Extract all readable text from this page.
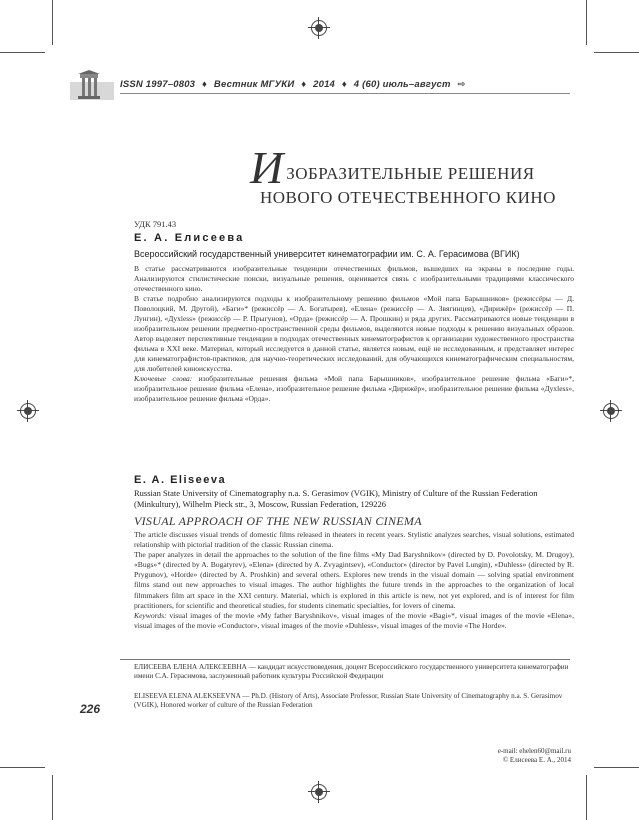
ISSN 1997–0803 ♦ Вестник МГУКИ ♦ 2014 ♦ 4 (60) июль–август ⇨
И ЗОБРАЗИТЕЛЬНЫЕ РЕШЕНИЯ
НОВОГО ОТЕЧЕСТВЕННОГО КИНО
УДК 791.43
Е. А. Елисеева
Всероссийский государственный университет кинематографии им. С. А. Герасимова (ВГИК)

В статье рассматриваются изобразительные тенденции отечественных фильмов, вышедших на экраны в последние годы. Анализируются стилистические поиски, визуальные решения, оценивается связь с изобразительными традициями классического отечественного кино.

В статье подробно анализируются подходы к изобразительному решению фильмов «Мой папа Барышников» (режиссёры — Д. Поволоцкий, М. Другой), «Баги»* (режиссёр — А. Богатырев), «Елена» (режиссёр — А. Звягинцев), «Дирижёр» (режиссёр — П. Лунгин), «Духless» (режиссёр — Р. Прыгунов), «Орда» (режиссёр — А. Прошкин) и ряда других. Рассматриваются новые тенденции в изобразительном решении предметно-пространственной среды фильмов, выделяются новые подходы к решению визуальных образов. Автор выделяет перспективные тенденции в подходах отечественных кинематографистов к организации художественного пространства фильма в XXI веке. Материал, который исследуется в данной статье, является новым, ещё не исследованным, и представляет интерес для кинематографистов-практиков, для научно-теоретических исследований, для обучающихся кинематографическим специальностям, для любителей киноискусства.

Ключевые слова: изобразительные решения фильма «Мой папа Барышников», изобразительное решение фильма «Баги»*, изобразительное решение фильма «Елена», изобразительное решение фильма «Дирижёр», изобразительное решение фильма «Духless», изобразительное решение фильма «Орда».

E. A. Eliseeva
Russian State University of Cinematography n.a. S. Gerasimov (VGIK), Ministry of Culture of the Russian Federation (Minkultury), Wilhelm Pieck str., 3, Moscow, Russian Federation, 129226
VISUAL APPROACH OF THE NEW RUSSIAN CINEMA

The article discusses visual trends of domestic films released in theaters in recent years. Stylistic analyzes searches, visual solutions, estimated relationship with pictorial tradition of the classic Russian cinema.

The paper analyzes in detail the approaches to the solution of the fine films «My Dad Baryshnikov» (directed by D. Povolotsky, M. Drugoy), «Bugs»* (directed by A. Bogatyrev), «Elena» (directed by A. Zvyagintsev), «Conductor» (director by Pavel Lungin), «Duhless» (directed by R. Prygunov), «Horde» (directed by A. Proshkin) and several others. Explores new trends in the visual domain — solving spatial environment films stand out new approaches to visual images. The author highlights the future trends in the approaches to the organization of local filmmakers film art space in the XXI century. Material, which is explored in this article is new, not yet explored, and is of interest for film practitioners, for scientific and theoretical studies, for students cinematic specialties, for lovers of cinema.

Keywords: visual images of the movie «My father Baryshnikov», visual images of the movie «Bagi»*, visual images of the movie «Elena», visual images of the movie «Conductor», visual images of the movie «Duhless», visual images of the movie «The Horde».

ЕЛИСЕЕВА ЕЛЕНА АЛЕКСЕЕВНА — кандидат искусствоведения, доцент Всероссийского государственного университета кинематографии имени С.А. Герасимова, заслуженный работник культуры Российской Федерации
ELISEEVA ELENA ALEKSEEVNA — Ph.D. (History of Arts), Associate Professor, Russian State University of Cinematography n.a. S. Gerasimov (VGIK), Honored worker of culture of the Russian Federation
226
e-mail: ehelen60@mail.ru
© Елисеева Е. А., 2014
